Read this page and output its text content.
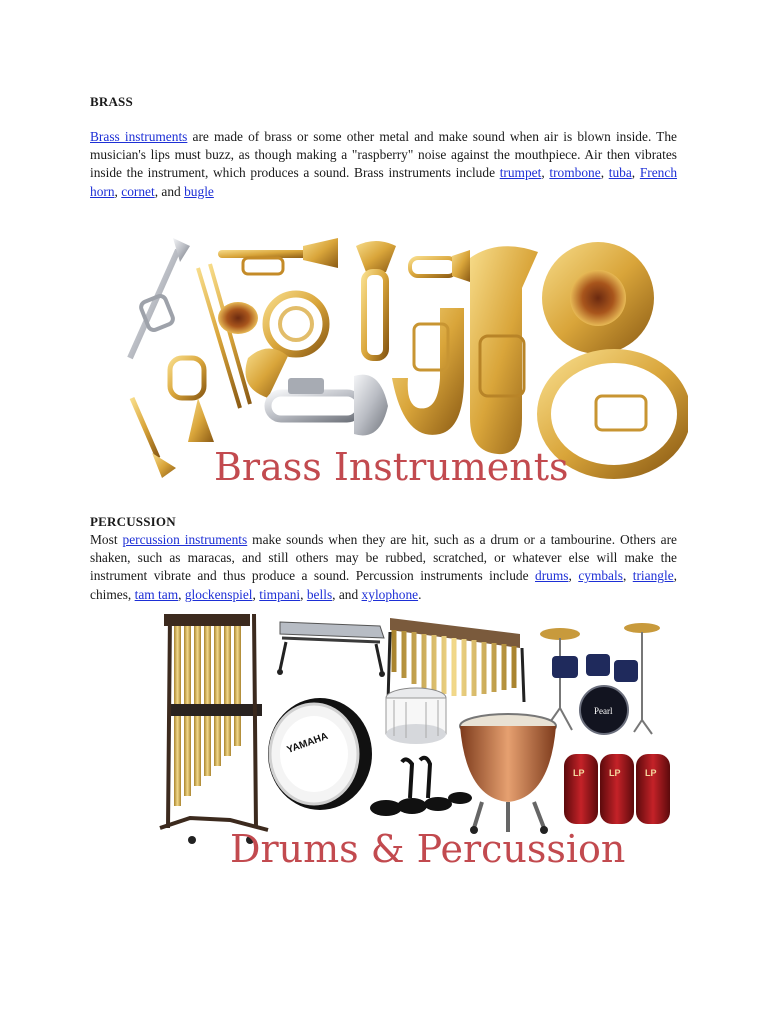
BRASS
Brass instruments are made of brass or some other metal and make sound when air is blown inside. The musician's lips must buzz, as though making a "raspberry" noise against the mouthpiece. Air then vibrates inside the instrument, which produces a sound. Brass instruments include trumpet, trombone, tuba, French horn, cornet, and bugle
Brass Instruments
PERCUSSION
Most percussion instruments make sounds when they are hit, such as a drum or a tambourine. Others are shaken, such as maracas, and still others may be rubbed, scratched, or whatever else will make the instrument vibrate and thus produce a sound. Percussion instruments include drums, cymbals, triangle, chimes, tam tam, glockenspiel, timpani, bells, and xylophone.
Pearl
YAMAHA
LP	LP	LP
Drums & Percussion
